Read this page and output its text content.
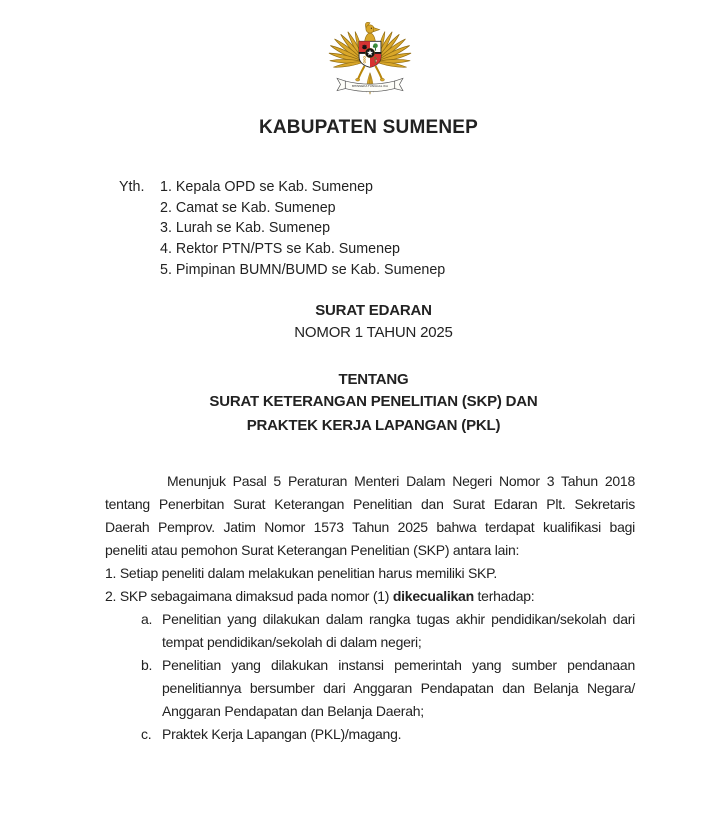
BHINNEKA TUNGGAL IKA
KABUPATEN SUMENEP
Yth.	1. Kepala OPD se Kab. Sumenep
2. Camat se Kab. Sumenep
3. Lurah se Kab. Sumenep
4. Rektor PTN/PTS se Kab. Sumenep
5. Pimpinan BUMN/BUMD se Kab. Sumenep
SURAT EDARAN
NOMOR 1 TAHUN 2025
TENTANG
SURAT KETERANGAN PENELITIAN (SKP) DAN
PRAKTEK KERJA LAPANGAN (PKL)
Menunjuk Pasal 5 Peraturan Menteri Dalam Negeri Nomor 3 Tahun 2018
tentang Penerbitan Surat Keterangan Penelitian dan Surat Edaran Plt. Sekretaris
Daerah Pemprov. Jatim Nomor 1573 Tahun 2025 bahwa terdapat kualifikasi bagi
peneliti atau pemohon Surat Keterangan Penelitian (SKP) antara lain:
1. Setiap peneliti dalam melakukan penelitian harus memiliki SKP.
2. SKP sebagaimana dimaksud pada nomor (1) dikecualikan terhadap:
a. Penelitian yang dilakukan dalam rangka tugas akhir pendidikan/sekolah dari
tempat pendidikan/sekolah di dalam negeri;
b. Penelitian yang dilakukan instansi pemerintah yang sumber pendanaan
penelitiannya bersumber dari Anggaran Pendapatan dan Belanja Negara/
Anggaran Pendapatan dan Belanja Daerah;
c. Praktek Kerja Lapangan (PKL)/magang.
